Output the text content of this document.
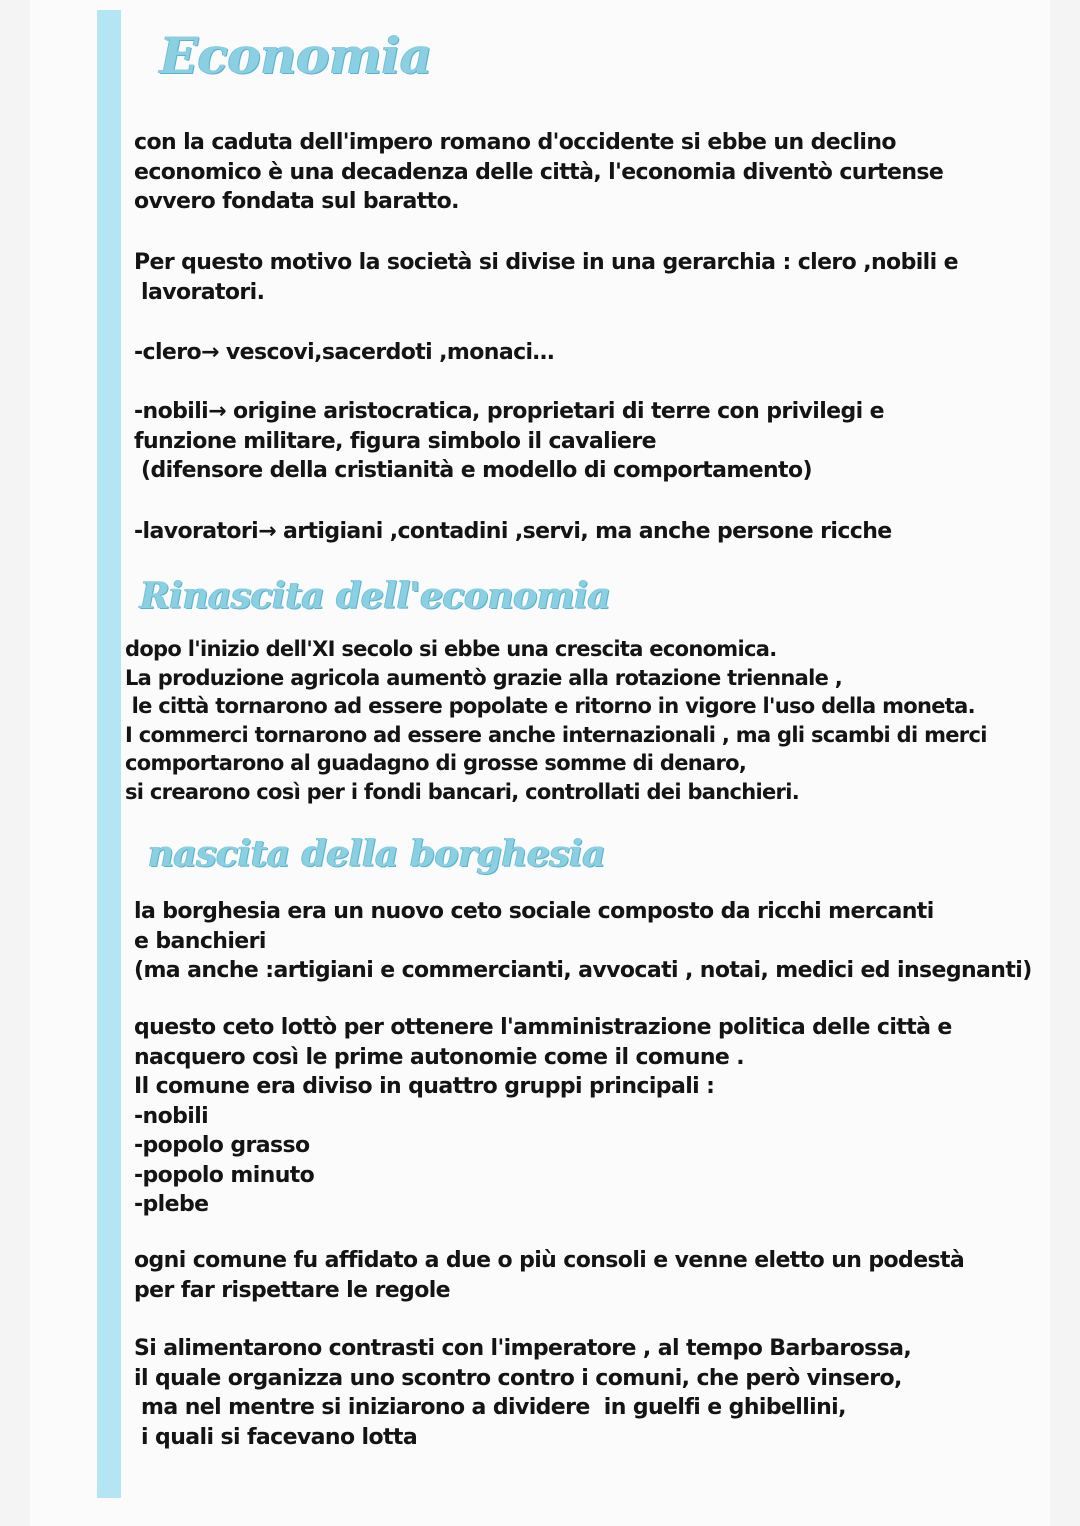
Economia

con la caduta dell'impero romano d'occidente si ebbe un declino
economico è una decadenza delle città, l'economia diventò curtense
ovvero fondata sul baratto.

Per questo motivo la società si divise in una gerarchia : clero ,nobili e
lavoratori.

-clero→ vescovi,sacerdoti ,monaci…

-nobili→ origine aristocratica, proprietari di terre con privilegi e
funzione militare, figura simbolo il cavaliere
(difensore della cristianità e modello di comportamento)

-lavoratori→ artigiani ,contadini ,servi, ma anche persone ricche

Rinascita dell'economia

dopo l'inizio dell'XI secolo si ebbe una crescita economica.
La produzione agricola aumentò grazie alla rotazione triennale ,
le città tornarono ad essere popolate e ritorno in vigore l'uso della moneta.
I commerci tornarono ad essere anche internazionali , ma gli scambi di merci
comportarono al guadagno di grosse somme di denaro,
si crearono così per i fondi bancari, controllati dei banchieri.

nascita della borghesia

la borghesia era un nuovo ceto sociale composto da ricchi mercanti
e banchieri
(ma anche :artigiani e commercianti, avvocati , notai, medici ed insegnanti)

questo ceto lottò per ottenere l'amministrazione politica delle città e
nacquero così le prime autonomie come il comune .
Il comune era diviso in quattro gruppi principali :
-nobili
-popolo grasso
-popolo minuto
-plebe

ogni comune fu affidato a due o più consoli e venne eletto un podestà
per far rispettare le regole

Si alimentarono contrasti con l'imperatore , al tempo Barbarossa,
il quale organizza uno scontro contro i comuni, che però vinsero,
ma nel mentre si iniziarono a dividere  in guelfi e ghibellini,
i quali si facevano lotta
